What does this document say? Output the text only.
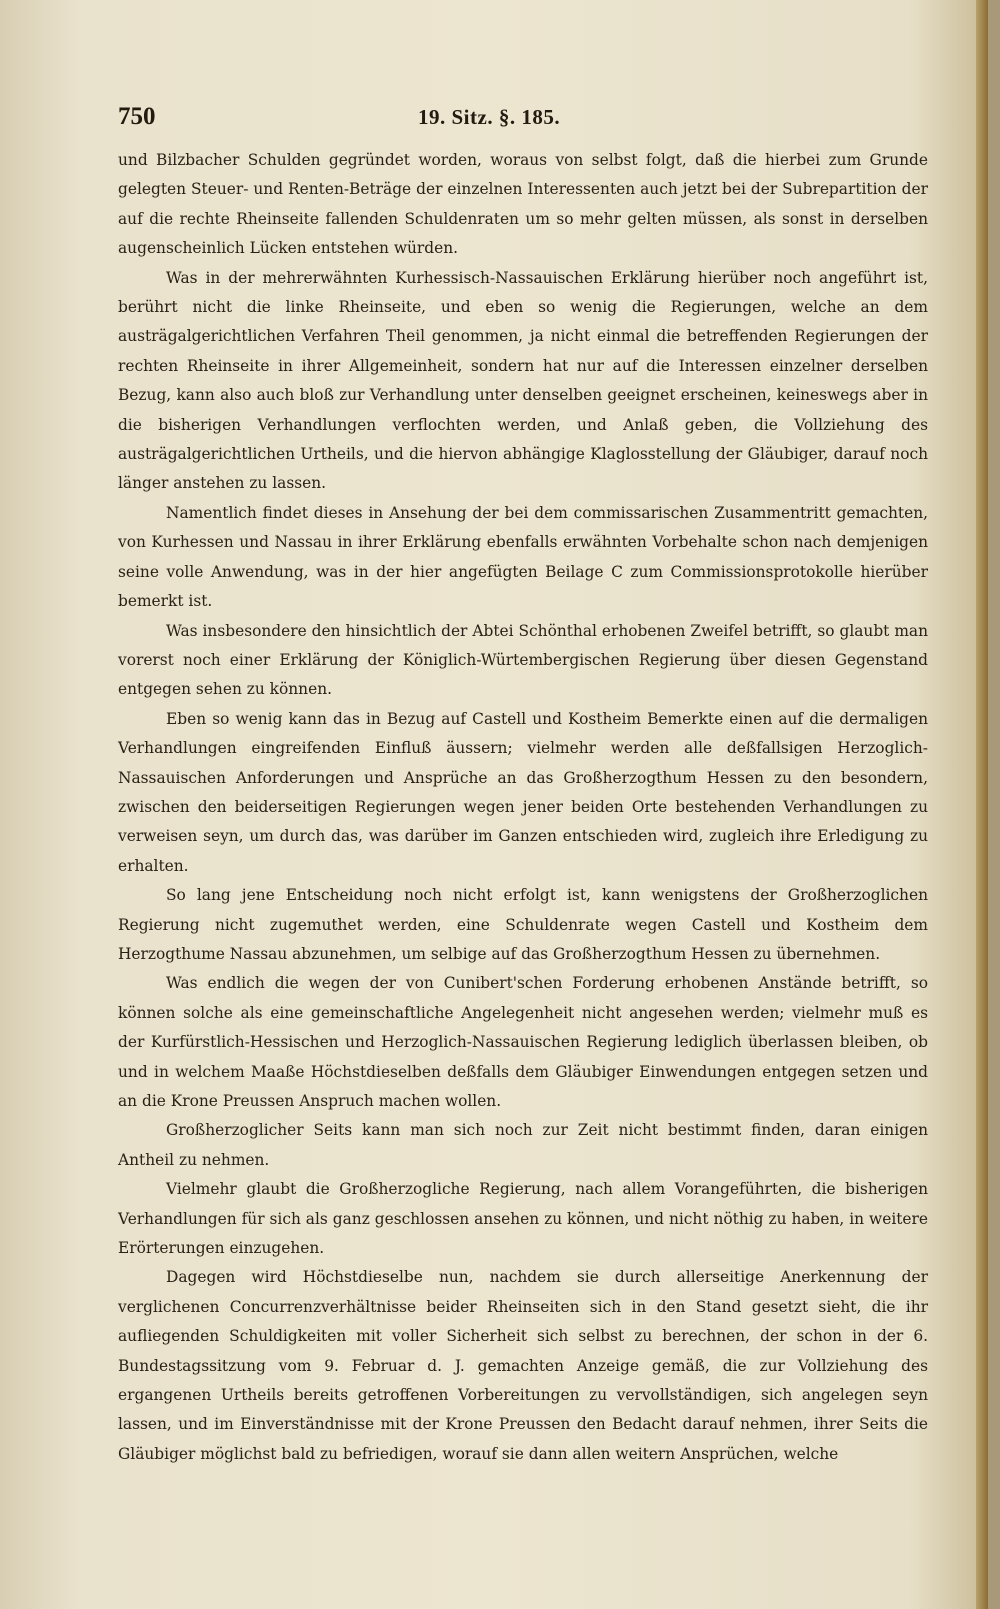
750	19. Sitz. §. 185.

und Bilzbacher Schulden gegründet worden, woraus von selbst folgt, daß die hierbei zum Grunde gelegten Steuer- und Renten-Beträge der einzelnen Interessenten auch jetzt bei der Subrepartition der auf die rechte Rheinseite fallenden Schuldenraten um so mehr gelten müssen, als sonst in derselben augenscheinlich Lücken entstehen würden.

Was in der mehrerwähnten Kurhessisch-Nassauischen Erklärung hierüber noch angeführt ist, berührt nicht die linke Rheinseite, und eben so wenig die Regierungen, welche an dem austrägalgerichtlichen Verfahren Theil genommen, ja nicht einmal die betreffenden Regierungen der rechten Rheinseite in ihrer Allgemeinheit, sondern hat nur auf die Interessen einzelner derselben Bezug, kann also auch bloß zur Verhandlung unter denselben geeignet erscheinen, keineswegs aber in die bisherigen Verhandlungen verflochten werden, und Anlaß geben, die Vollziehung des austrägalgerichtlichen Urtheils, und die hiervon abhängige Klaglosstellung der Gläubiger, darauf noch länger anstehen zu lassen.

Namentlich findet dieses in Ansehung der bei dem commissarischen Zusammentritt gemachten, von Kurhessen und Nassau in ihrer Erklärung ebenfalls erwähnten Vorbehalte schon nach demjenigen seine volle Anwendung, was in der hier angefügten Beilage C zum Commissionsprotokolle hierüber bemerkt ist.

Was insbesondere den hinsichtlich der Abtei Schönthal erhobenen Zweifel betrifft, so glaubt man vorerst noch einer Erklärung der Königlich-Würtembergischen Regierung über diesen Gegenstand entgegen sehen zu können.

Eben so wenig kann das in Bezug auf Castell und Kostheim Bemerkte einen auf die dermaligen Verhandlungen eingreifenden Einfluß äussern; vielmehr werden alle deßfallsigen Herzoglich-Nassauischen Anforderungen und Ansprüche an das Großherzogthum Hessen zu den besondern, zwischen den beiderseitigen Regierungen wegen jener beiden Orte bestehenden Verhandlungen zu verweisen seyn, um durch das, was darüber im Ganzen entschieden wird, zugleich ihre Erledigung zu erhalten.

So lang jene Entscheidung noch nicht erfolgt ist, kann wenigstens der Großherzoglichen Regierung nicht zugemuthet werden, eine Schuldenrate wegen Castell und Kostheim dem Herzogthume Nassau abzunehmen, um selbige auf das Großherzogthum Hessen zu übernehmen.

Was endlich die wegen der von Cunibert'schen Forderung erhobenen Anstände betrifft, so können solche als eine gemeinschaftliche Angelegenheit nicht angesehen werden; vielmehr muß es der Kurfürstlich-Hessischen und Herzoglich-Nassauischen Regierung lediglich überlassen bleiben, ob und in welchem Maaße Höchstdieselben deßfalls dem Gläubiger Einwendungen entgegen setzen und an die Krone Preussen Anspruch machen wollen.

Großherzoglicher Seits kann man sich noch zur Zeit nicht bestimmt finden, daran einigen Antheil zu nehmen.

Vielmehr glaubt die Großherzogliche Regierung, nach allem Vorangeführten, die bisherigen Verhandlungen für sich als ganz geschlossen ansehen zu können, und nicht nöthig zu haben, in weitere Erörterungen einzugehen.

Dagegen wird Höchstdieselbe nun, nachdem sie durch allerseitige Anerkennung der verglichenen Concurrenzverhältnisse beider Rheinseiten sich in den Stand gesetzt sieht, die ihr aufliegenden Schuldigkeiten mit voller Sicherheit sich selbst zu berechnen, der schon in der 6. Bundestagssitzung vom 9. Februar d. J. gemachten Anzeige gemäß, die zur Vollziehung des ergangenen Urtheils bereits getroffenen Vorbereitungen zu vervollständigen, sich angelegen seyn lassen, und im Einverständnisse mit der Krone Preussen den Bedacht darauf nehmen, ihrer Seits die Gläubiger möglichst bald zu befriedigen, worauf sie dann allen weitern Ansprüchen, welche
